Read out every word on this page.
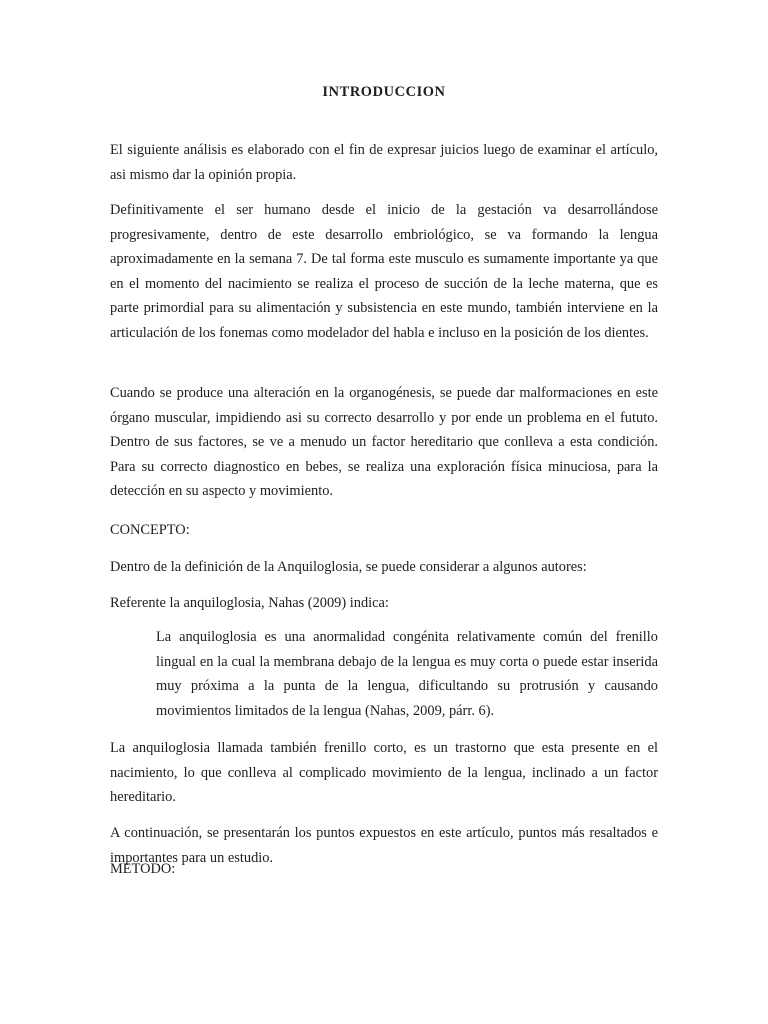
INTRODUCCION

El siguiente análisis es elaborado con el fin de expresar juicios luego de examinar el artículo, asi mismo dar la opinión propia.

Definitivamente el ser humano desde el inicio de la gestación va desarrollándose progresivamente, dentro de este desarrollo embriológico, se va formando la lengua aproximadamente en la semana 7. De tal forma este musculo es sumamente importante ya que en el momento del nacimiento se realiza el proceso de succión de la leche materna, que es parte primordial para su alimentación y subsistencia en este mundo, también interviene en la articulación de los fonemas como modelador del habla e incluso en la posición de los dientes.

Cuando se produce una alteración en la organogénesis, se puede dar malformaciones en este órgano muscular, impidiendo asi su correcto desarrollo y por ende un problema en el fututo. Dentro de sus factores, se ve a menudo un factor hereditario que conlleva a esta condición. Para su correcto diagnostico en bebes, se realiza una exploración física minuciosa, para la detección en su aspecto y movimiento.

CONCEPTO:

Dentro de la definición de la Anquiloglosia, se puede considerar a algunos autores:

Referente la anquiloglosia, Nahas (2009) indica:

La anquiloglosia es una anormalidad congénita relativamente común del frenillo lingual en la cual la membrana debajo de la lengua es muy corta o puede estar inserida muy próxima a la punta de la lengua, dificultando su protrusión y causando movimientos limitados de la lengua (Nahas, 2009, párr. 6).

La anquiloglosia llamada también frenillo corto, es un trastorno que esta presente en el nacimiento, lo que conlleva al complicado movimiento de la lengua, inclinado a un factor hereditario.

A continuación, se presentarán los puntos expuestos en este artículo, puntos más resaltados e importantes para un estudio.

METODO:
